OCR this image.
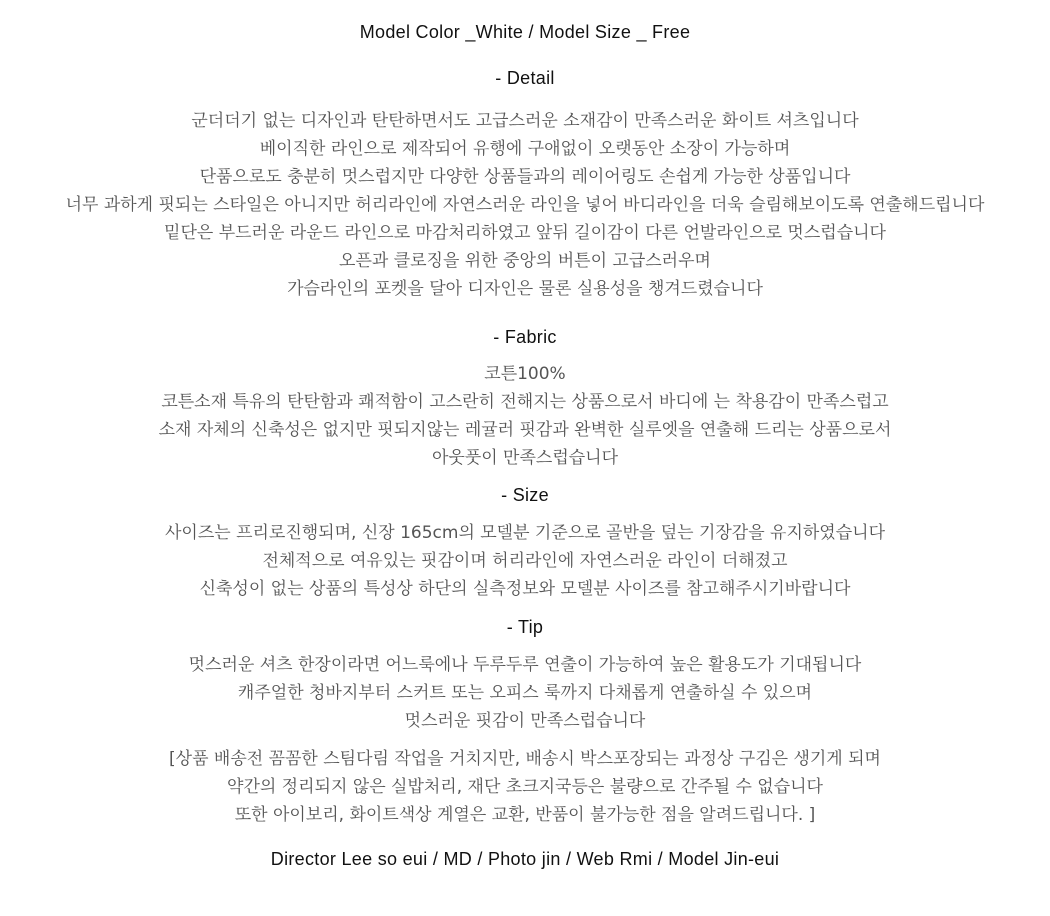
Model Color _White / Model Size _ Free

- Detail

군더더기 없는 디자인과 탄탄하면서도 고급스러운 소재감이 만족스러운 화이트 셔츠입니다
베이직한 라인으로 제작되어 유행에 구애없이 오랫동안 소장이 가능하며
단품으로도 충분히 멋스럽지만 다양한 상품들과의 레이어링도 손쉽게 가능한 상품입니다
너무 과하게 핏되는 스타일은 아니지만 허리라인에 자연스러운 라인을 넣어 바디라인을 더욱 슬림해보이도록 연출해드립니다
밑단은 부드러운 라운드 라인으로 마감처리하였고 앞뒤 길이감이 다른 언발라인으로 멋스럽습니다
오픈과 클로징을 위한 중앙의 버튼이 고급스러우며
가슴라인의 포켓을 달아 디자인은 물론 실용성을 챙겨드렸습니다

- Fabric

코튼100%
코튼소재 특유의 탄탄함과 쾌적함이 고스란히 전해지는 상품으로서 바디에 는 착용감이 만족스럽고
소재 자체의 신축성은 없지만 핏되지않는 레귤러 핏감과 완벽한 실루엣을 연출해 드리는 상품으로서
아웃풋이 만족스럽습니다

- Size

사이즈는 프리로진행되며, 신장 165cm의 모델분 기준으로 골반을 덮는 기장감을 유지하였습니다
전체적으로 여유있는 핏감이며 허리라인에 자연스러운 라인이 더해졌고
신축성이 없는 상품의 특성상 하단의 실측정보와 모델분 사이즈를 참고해주시기바랍니다

- Tip

멋스러운 셔츠 한장이라면 어느룩에나 두루두루 연출이 가능하여 높은 활용도가 기대됩니다
캐주얼한 청바지부터 스커트 또는 오피스 룩까지 다채롭게 연출하실 수 있으며
멋스러운 핏감이 만족스럽습니다
[상품 배송전 꼼꼼한 스팀다림 작업을 거치지만, 배송시 박스포장되는 과정상 구김은 생기게 되며
약간의 정리되지 않은 실밥처리, 재단 초크지국등은 불량으로 간주될 수 없습니다
또한 아이보리, 화이트색상 계열은 교환, 반품이 불가능한 점을 알려드립니다. ]

Director Lee so eui / MD / Photo jin / Web Rmi / Model Jin-eui
